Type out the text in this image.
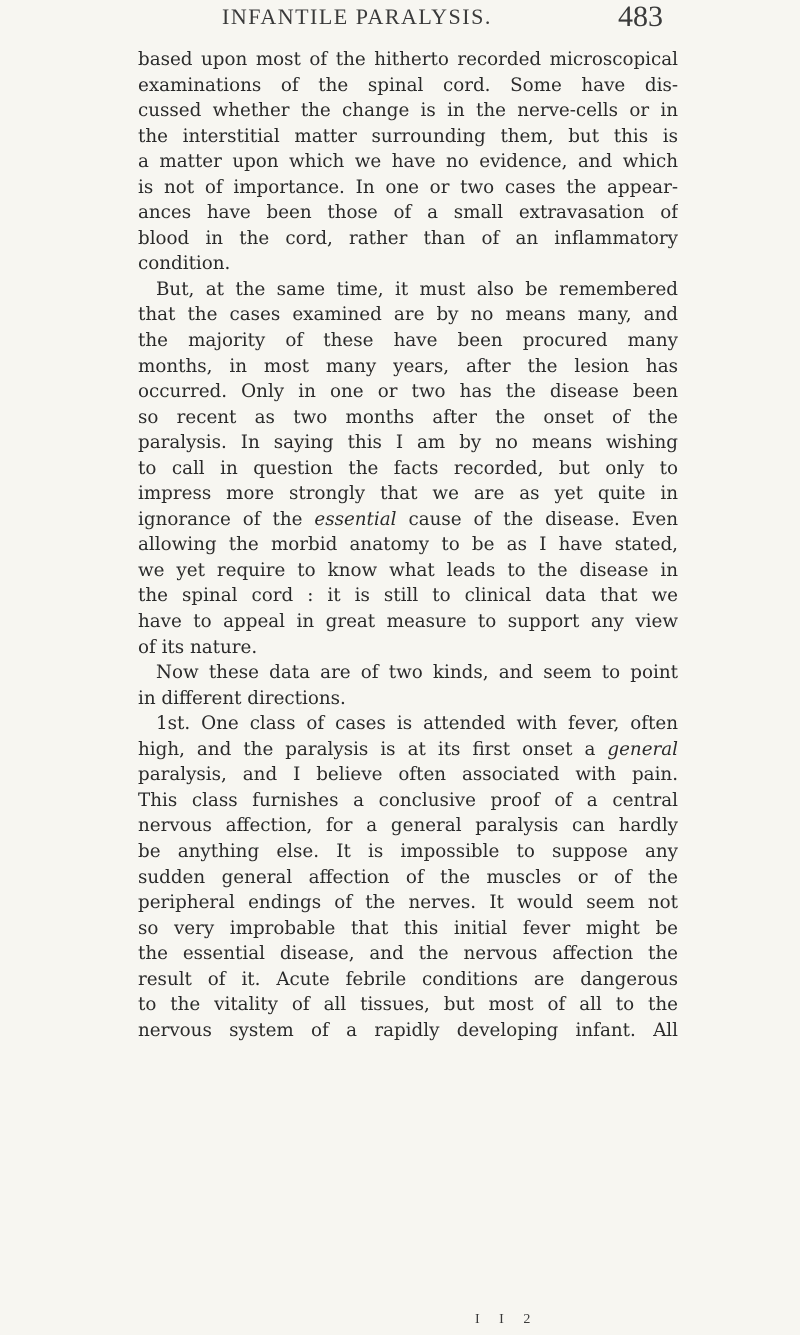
INFANTILE PARALYSIS.	483
based upon most of the hitherto recorded microscopical
examinations of the spinal cord. Some have dis-
cussed whether the change is in the nerve-cells or in
the interstitial matter surrounding them, but this is
a matter upon which we have no evidence, and which
is not of importance. In one or two cases the appear-
ances have been those of a small extravasation of
blood in the cord, rather than of an inflammatory
condition.
But, at the same time, it must also be remembered
that the cases examined are by no means many, and
the majority of these have been procured many
months, in most many years, after the lesion has
occurred. Only in one or two has the disease been
so recent as two months after the onset of the
paralysis. In saying this I am by no means wishing
to call in question the facts recorded, but only to
impress more strongly that we are as yet quite in
ignorance of the essential cause of the disease. Even
allowing the morbid anatomy to be as I have stated,
we yet require to know what leads to the disease in
the spinal cord : it is still to clinical data that we
have to appeal in great measure to support any view
of its nature.
Now these data are of two kinds, and seem to point
in different directions.
1st. One class of cases is attended with fever, often
high, and the paralysis is at its first onset a general
paralysis, and I believe often associated with pain.
This class furnishes a conclusive proof of a central
nervous affection, for a general paralysis can hardly
be anything else. It is impossible to suppose any
sudden general affection of the muscles or of the
peripheral endings of the nerves. It would seem not
so very improbable that this initial fever might be
the essential disease, and the nervous affection the
result of it. Acute febrile conditions are dangerous
to the vitality of all tissues, but most of all to the
nervous system of a rapidly developing infant. All
I I 2
